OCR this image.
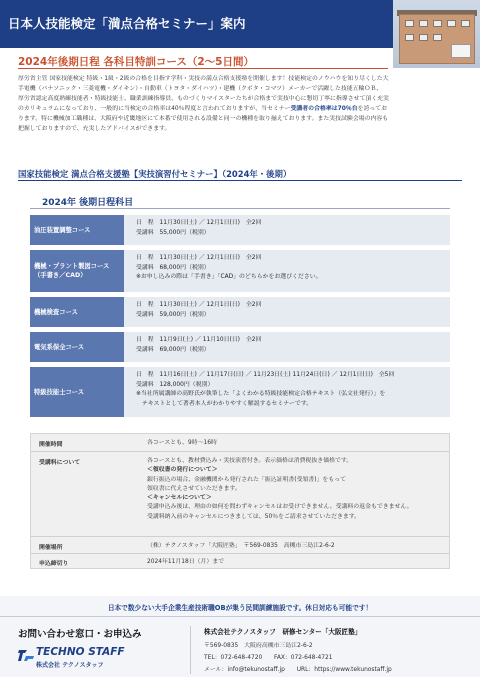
日本人技能検定「満点合格セミナー」案内
2024年後期日程 各科目特訓コース（2〜5日間）
厚労省主管 国家技能検定 特級・1級・2級の合格を目指す学科・実技の満点合格支援塾を開催します！技能検定のノウハウを知り尽くした大
手電機（パナソニック・三菱電機・ダイキン）・自動車（トヨタ・ダイハツ）・建機（クボタ・コマツ）メーカーで活躍した技能五輪ＯＢ、
厚労省認定高度熟練技能者・特級技能士、職業訓練指導員、ものづくりマイスターたちが合格まで実技中心に懇切丁寧に指導させて頂く充実
のカリキュラムになっており、一般的に当検定の合格率は40％程度と言われておりますが、当セミナー受講者の合格率は70％台を誇ってお
ります。特に機械加工職種は、大阪府や近畿地区にて本番で使用される設備と同一の機種を取り揃えております。また実技試験会場の内容も
把握しておりますので、充実したアドバイスができます。
国家技能検定 満点合格支援塾【実技演習付セミナー】（2024年・後期）
2024年 後期日程科目
油圧装置調整コース
日　程　11月30日(土) ／ 12月1日(日)　全2回
受講料　55,000円（税別）
機械・プラント製図コース（手書き／CAD）
日　程　11月30日(土) ／ 12月1日(日)　全2回
受講料　68,000円（税別）
※お申し込みの際は「手書き」「CAD」のどちらかをお選びください。
機械検査コース
日　程　11月30日(土) ／ 12月1日(日)　全2回
受講料　59,000円（税別）
電気系保全コース
日　程　11月9日(土) ／ 11月10日(日)　全2回
受講料　69,000円（税別）
特級技能士コース
日　程　11月16日(土) ／ 11月17日(日) ／ 11月23日(土) 11月24日(日) ／ 12月1日(日)　全5回
受講料　128,000円（税別）
※当社所属講師の高野氏が執筆した「よくわかる特級技能検定合格テキスト（弘文社発行）」を
　テキストとして著者本人がわかりやすく解説するセミナーです。
開催時間	各コースとも、9時〜16時
受講料について	各コースとも、教材費込み・実技演習付き。表示価格は消費税抜き価格です。
＜領収書の発行について＞
銀行振込の場合、金融機関から発行された「振込証明書(受領書)」をもって
領収書に代えさせていただきます。
＜キャンセルについて＞
受講申込み後は、理由の如何を問わずキャンセルはお受けできません。受講料の返金もできません。
受講料納入前のキャンセルにつきましては、50％をご請求させていただきます。
開催場所	（株）テクノスタッフ「大阪匠塾」　〒569-0835　高槻市三島江2-6-2
申込締切り	2024年11月18日（月）まで
日本で数少ない大手企業生産技術職OBが集う民間訓練施設です。休日対応も可能です！
お問い合わせ窓口・お申込み
TECHNO STAFF
株式会社 テクノスタッフ
株式会社テクノスタッフ　研修センター「大阪匠塾」
〒569-0835　大阪府高槻市三島江2-6-2
TEL：072-648-4720　　FAX：072-648-4721
メール：info@tekunostaff.jp　　URL：https://www.tekunostaff.jp
